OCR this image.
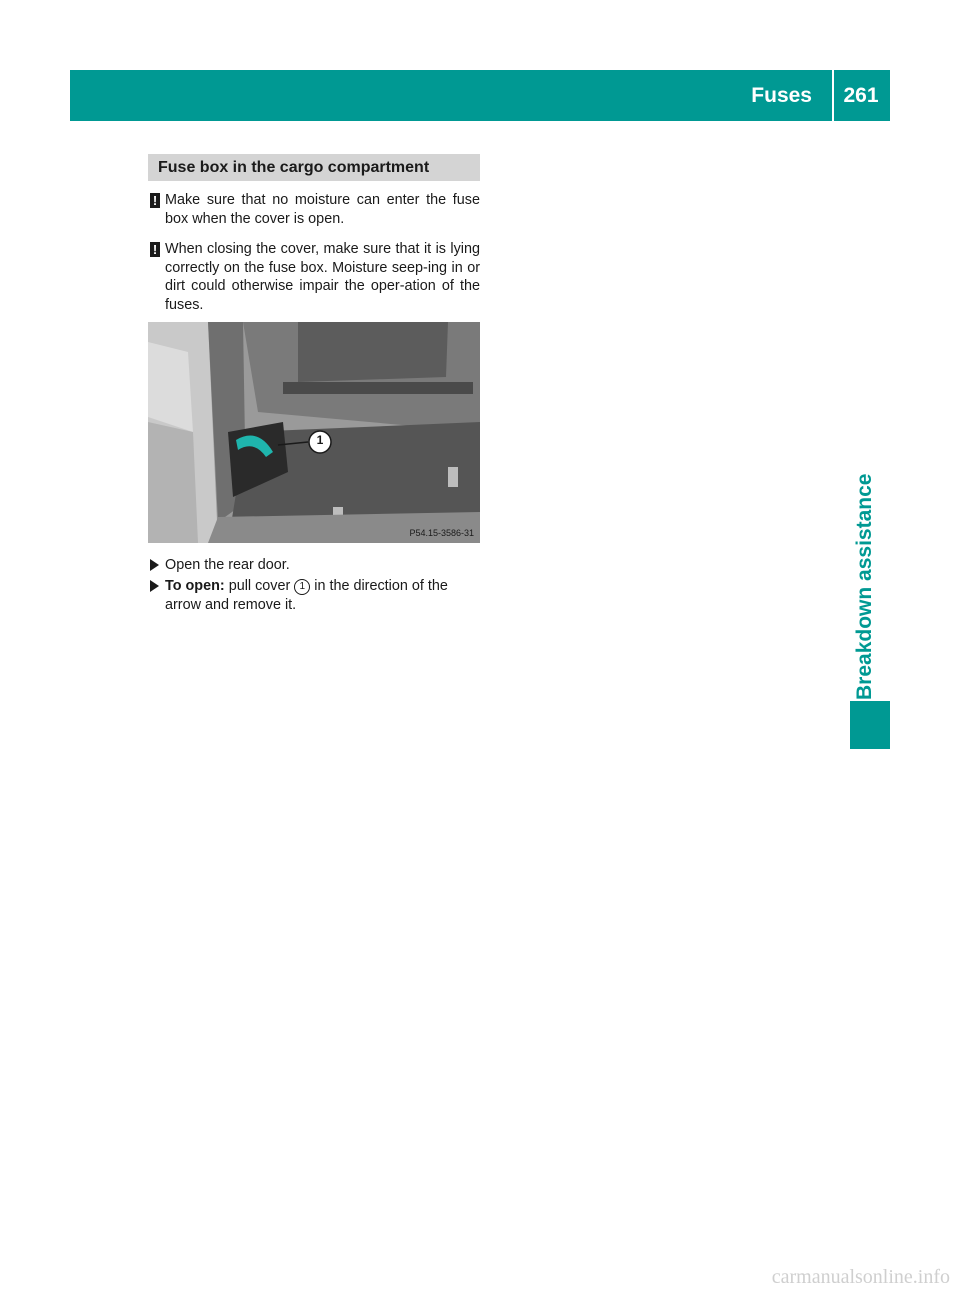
Fuses	261
Breakdown assistance
Fuse box in the cargo compartment
! Make sure that no moisture can enter the fuse box when the cover is open.
! When closing the cover, make sure that it is lying correctly on the fuse box. Moisture seep-ing in or dirt could otherwise impair the oper-ation of the fuses.
1
P54.15-3586-31
Open the rear door.
To open: pull cover 1 in the direction of the arrow and remove it.
carmanualsonline.info
